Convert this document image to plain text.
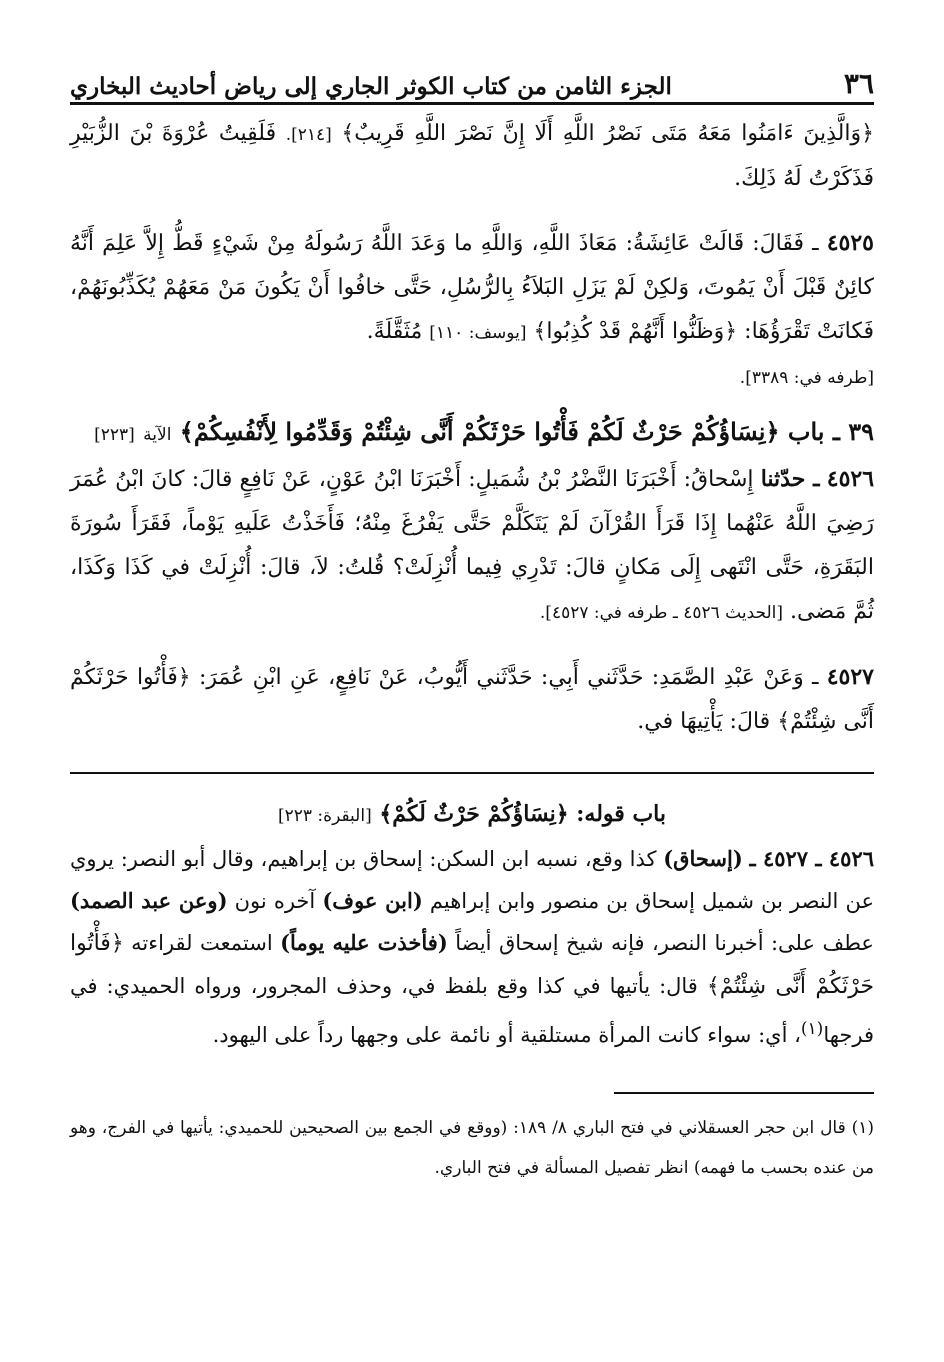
٣٦
الجزء الثامن من كتاب الكوثر الجاري إلى رياض أحاديث البخاري

﴿وَالَّذِينَ ءَامَنُوا مَعَهُ مَتَى نَصْرُ اللَّهِ أَلَا إِنَّ نَصْرَ اللَّهِ قَرِيبٌ﴾ [٢١٤]. فَلَقِيتُ عُرْوَةَ بْنَ الزُّبَيْرِ فَذَكَرْتُ لَهُ ذَلِكَ.

٤٥٢٥ ـ فَقَالَ: قَالَتْ عَائِشَةُ: مَعَاذَ اللَّهِ، وَاللَّهِ ما وَعَدَ اللَّهُ رَسُولَهُ مِنْ شَيْءٍ قَطُّ إِلاَّ عَلِمَ أَنَّهُ كائِنٌ قَبْلَ أَنْ يَمُوتَ، وَلكِنْ لَمْ يَزَلِ البَلاَءُ بِالرُّسُلِ، حَتَّى خافُوا أَنْ يَكُونَ مَنْ مَعَهُمْ يُكَذِّبُونَهُمْ، فَكانَتْ تَقْرَؤُهَا: ﴿وَظَنُّوا أَنَّهُمْ قَدْ كُذِبُوا﴾ [يوسف: ١١٠] مُثَقَّلَةً.
[طرفه في: ٣٣٨٩].

٣٩ ـ باب ﴿نِسَاؤُكُمْ حَرْثٌ لَكُمْ فَأْتُوا حَرْثَكُمْ أَنَّى شِئْتُمْ وَقَدِّمُوا لِأَنْفُسِكُمْ﴾ الآية [٢٢٣]

٤٥٢٦ ـ حدّثنا إِسْحاقُ: أَخْبَرَنَا النَّضْرُ بْنُ شُمَيلٍ: أَخْبَرَنَا ابْنُ عَوْنٍ، عَنْ نَافِعٍ قالَ: كانَ ابْنُ عُمَرَ رَضِيَ اللَّهُ عَنْهُما إِذَا قَرَأَ القُرْآنَ لَمْ يَتَكَلَّمْ حَتَّى يَفْرُغَ مِنْهُ؛ فَأَخَذْتُ عَلَيهِ يَوْماً، فَقَرَأَ سُورَةَ البَقَرَةِ، حَتَّى انْتَهى إِلَى مَكانٍ قالَ: تَدْرِي فِيما أُنْزِلَتْ؟ قُلتُ: لاَ، قالَ: أُنْزِلَتْ في كَذَا وَكَذَا، ثُمَّ مَضى. [الحديث ٤٥٢٦ ـ طرفه في: ٤٥٢٧].

٤٥٢٧ ـ وَعَنْ عَبْدِ الصَّمَدِ: حَدَّثَني أَبِي: حَدَّثَني أَيُّوبُ، عَنْ نَافِعٍ، عَنِ ابْنِ عُمَرَ: ﴿فَأْتُوا حَرْثَكُمْ أَنَّى شِئْتُمْ﴾ قالَ: يَأْتِيهَا في.

باب قوله: ﴿نِسَاؤُكُمْ حَرْثٌ لَكُمْ﴾ [البقرة: ٢٢٣]

٤٥٢٦ ـ ٤٥٢٧ ـ (إسحاق) كذا وقع، نسبه ابن السكن: إسحاق بن إبراهيم، وقال أبو النصر: يروي عن النصر بن شميل إسحاق بن منصور وابن إبراهيم (ابن عوف) آخره نون (وعن عبد الصمد) عطف على: أخبرنا النصر، فإنه شيخ إسحاق أيضاً (فأخذت عليه يوماً) استمعت لقراءته ﴿فَأْتُوا حَرْثَكُمْ أَنَّى شِئْتُمْ﴾ قال: يأتيها في كذا وقع بلفظ في، وحذف المجرور، ورواه الحميدي: في فرجها$^{(١)}$، أي: سواء كانت المرأة مستلقية أو نائمة على وجهها رداً على اليهود.

(١) قال ابن حجر العسقلاني في فتح الباري ٨/ ١٨٩: (ووقع في الجمع بين الصحيحين للحميدي: يأتيها في الفرج، وهو من عنده بحسب ما فهمه) انظر تفصيل المسألة في فتح الباري.
